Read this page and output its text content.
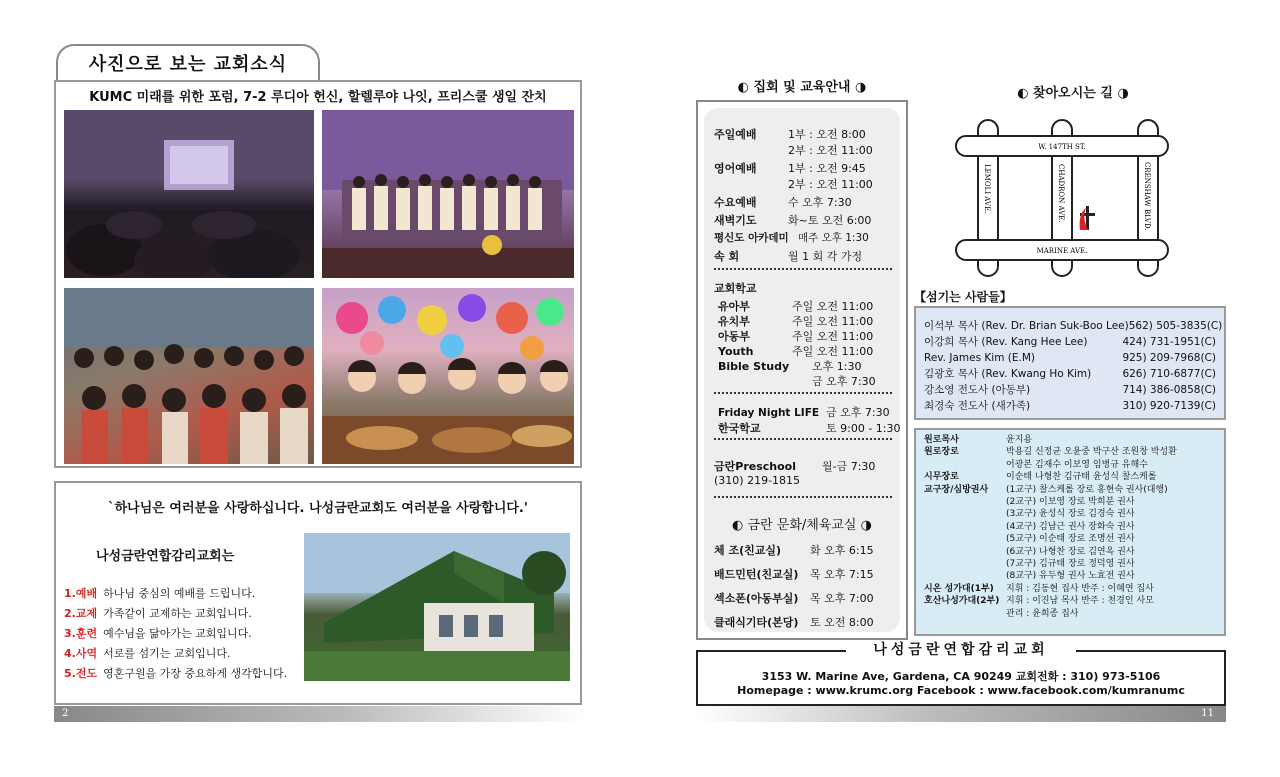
사진으로 보는 교회소식
KUMC 미래를 위한 포럼, 7-2 루디아 헌신, 할렐루야 나잇, 프리스쿨 생일 잔치
`하나님은 여러분을 사랑하십니다. 나성금란교회도 여러분을 사랑합니다.'
나성금란연합감리교회는
1.예배 하나님 중심의 예배를 드립니다.
2.교제 가족같이 교제하는 교회입니다.
3.훈련 예수님을 닮아가는 교회입니다.
4.사역 서로를 섬기는 교회입니다.
5.전도 영혼구원을 가장 중요하게 생각합니다.
2
◐ 집회 및 교육안내 ◑
주일예배	1부 : 오전 8:00
2부 : 오전 11:00
영어예배	1부 : 오전 9:45
2부 : 오전 11:00
수요예배	수 오후 7:30
새벽기도	화~토 오전 6:00
평신도 아카데미 매주 오후 1:30
속 회	월 1 회 각 가정
교회학교
유아부	주일 오전 11:00
유치부	주일 오전 11:00
아동부	주일 오전 11:00
Youth	주일 오전 11:00
Bible Study 오후 1:30
금 오후 7:30
Friday Night LIFE 금 오후 7:30
한국학교	토 9:00 - 1:30
금란Preschool 월-금 7:30
(310) 219-1815
◐ 금란 문화/체육교실 ◑
체 조(친교실)	화 오후 6:15
배드민턴(친교실) 목 오후 7:15
섹소폰(아동부실) 목 오후 7:00
클래식기타(본당) 토 오전 8:00
◐ 찾아오시는 길 ◑
W. 147TH ST.
MARINE AVE.
LEMOLI AVE.	CHADRON AVE.	CRENSHAW BLVD.
【섬기는 사람들】
이석부 목사 (Rev. Dr. Brian Suk-Boo Lee) 562) 505-3835(C)
이강희 목사 (Rev. Kang Hee Lee)	424) 731-1951(C)
Rev. James Kim (E.M)	925) 209-7968(C)
김광호 목사 (Rev. Kwang Ho Kim)	626) 710-6877(C)
강소영 전도사 (아동부)	714) 386-0858(C)
최경숙 전도사 (새가족)	310) 920-7139(C)
원로목사	윤지용
원로장로	박용길 신정균 오윤중 박구산 조원창 박성환
어광본 김재수 이보영 임병규 유해수
시무장로	이순태 나형찬 김규태 윤성식 찰스케롤
교구장/심방권사	(1교구) 찰스케롤 장로 홍현숙 권사(대행)
(2교구) 이보영 장로 박희분 권사
(3교구) 윤성식 장로 김경숙 권사
(4교구) 김남근 권사 장화숙 권사
(5교구) 이순태 장로 조명선 권사
(6교구) 나형찬 장로 김연옥 권사
(7교구) 김규태 장로 정덕영 권사
(8교구) 유두형 권사 노효전 권사
시온 성가대(1부)	지휘 : 김동현 집사 반주 : 이혜연 집사
호산나성가대(2부) 지휘 : 이진남 목사 반주 : 천경인 사모
관리 : 윤희종 집사
3153 W. Marine Ave, Gardena, CA 90249 교회전화 : 310) 973-5106
Homepage : www.krumc.org Facebook : www.facebook.com/kumranumc
나성금란연합감리교회
11
